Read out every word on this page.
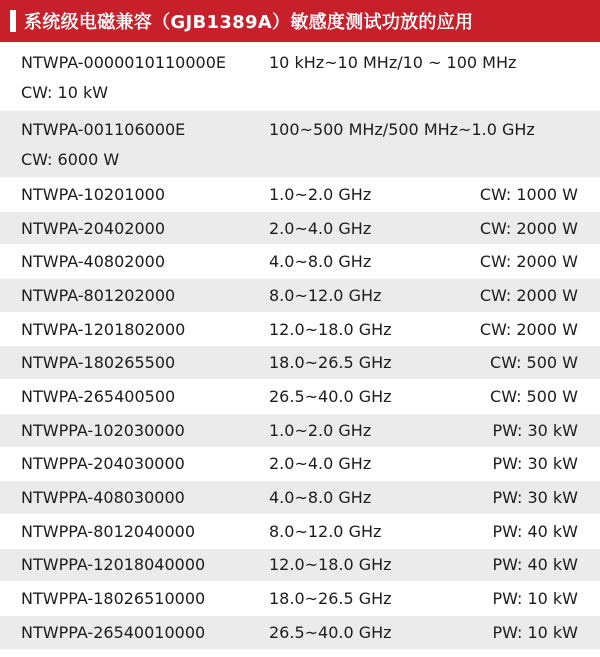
系统级电磁兼容（GJB1389A）敏感度测试功放的应用
NTWPA-0000010110000E	10 kHz~10 MHz/10 ~ 100 MHz
CW: 10 kW
NTWPA-001106000E	100~500 MHz/500 MHz~1.0 GHz
CW: 6000 W
NTWPA-10201000	1.0~2.0 GHz	CW: 1000 W
NTWPA-20402000	2.0~4.0 GHz	CW: 2000 W
NTWPA-40802000	4.0~8.0 GHz	CW: 2000 W
NTWPA-801202000	8.0~12.0 GHz	CW: 2000 W
NTWPA-1201802000	12.0~18.0 GHz	CW: 2000 W
NTWPA-180265500	18.0~26.5 GHz	CW: 500 W
NTWPA-265400500	26.5~40.0 GHz	CW: 500 W
NTWPPA-102030000	1.0~2.0 GHz	PW: 30 kW
NTWPPA-204030000	2.0~4.0 GHz	PW: 30 kW
NTWPPA-408030000	4.0~8.0 GHz	PW: 30 kW
NTWPPA-8012040000	8.0~12.0 GHz	PW: 40 kW
NTWPPA-12018040000	12.0~18.0 GHz	PW: 40 kW
NTWPPA-18026510000	18.0~26.5 GHz	PW: 10 kW
NTWPPA-26540010000	26.5~40.0 GHz	PW: 10 kW
